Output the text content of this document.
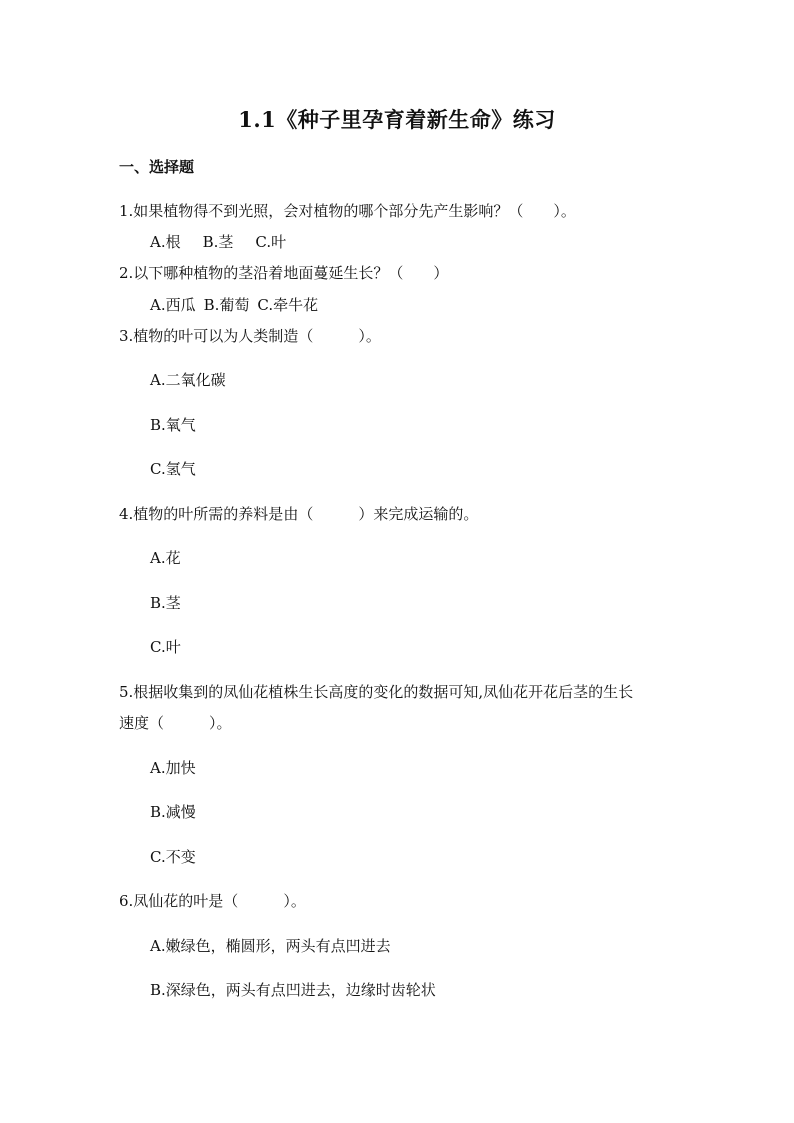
1.1《种子里孕育着新生命》练习
一、选择题
1.如果植物得不到光照，会对植物的哪个部分先产生影响？（　　）。
A.根 B.茎 C.叶
2.以下哪种植物的茎沿着地面蔓延生长？（　　）
A.西瓜 B.葡萄 C.牵牛花
3.植物的叶可以为人类制造（　　　）。
A.二氧化碳
B.氧气
C.氢气
4.植物的叶所需的养料是由（　　　）来完成运输的。
A.花
B.茎
C.叶
5.根据收集到的凤仙花植株生长高度的变化的数据可知,凤仙花开花后茎的生长
速度（　　　）。
A.加快
B.减慢
C.不变
6.凤仙花的叶是（　　　）。
A.嫩绿色，椭圆形，两头有点凹进去
B.深绿色，两头有点凹进去，边缘时齿轮状
